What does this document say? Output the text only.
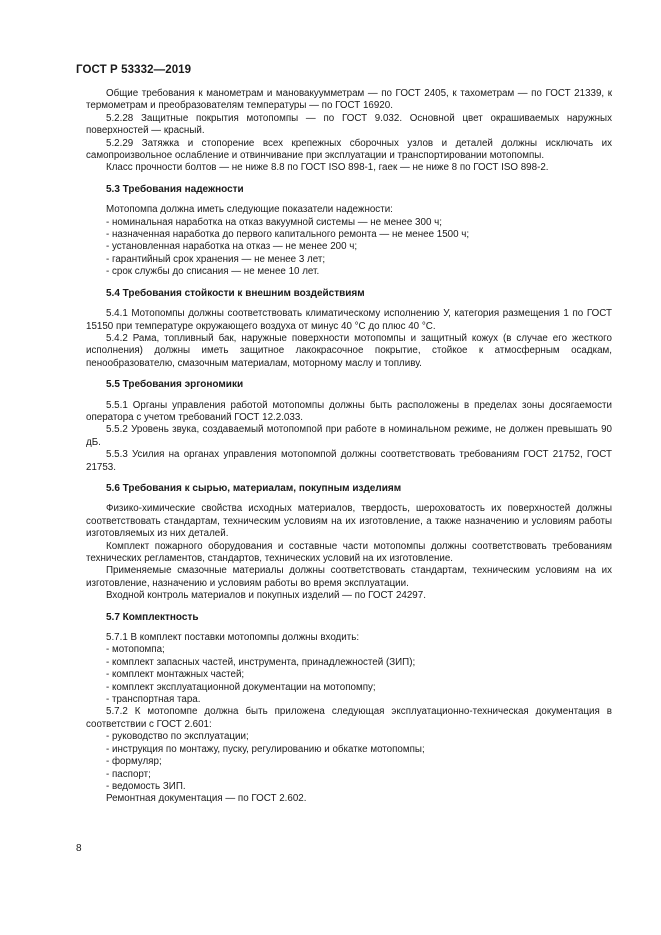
ГОСТ Р 53332—2019

Общие требования к манометрам и мановакуумметрам — по ГОСТ 2405, к тахометрам — по ГОСТ 21339, к термометрам и преобразователям температуры — по ГОСТ 16920.

5.2.28 Защитные покрытия мотопомпы — по ГОСТ 9.032. Основной цвет окрашиваемых наружных поверхностей — красный.

5.2.29 Затяжка и стопорение всех крепежных сборочных узлов и деталей должны исключать их самопроизвольное ослабление и отвинчивание при эксплуатации и транспортировании мотопомпы.

Класс прочности болтов — не ниже 8.8 по ГОСТ ISO 898-1, гаек — не ниже 8 по ГОСТ ISO 898-2.

5.3 Требования надежности

Мотопомпа должна иметь следующие показатели надежности:

- номинальная наработка на отказ вакуумной системы — не менее 300 ч;

- назначенная наработка до первого капитального ремонта — не менее 1500 ч;

- установленная наработка на отказ — не менее 200 ч;

- гарантийный срок хранения — не менее 3 лет;

- срок службы до списания — не менее 10 лет.

5.4 Требования стойкости к внешним воздействиям

5.4.1 Мотопомпы должны соответствовать климатическому исполнению У, категория размещения 1 по ГОСТ 15150 при температуре окружающего воздуха от минус 40 °С до плюс 40 °С.

5.4.2 Рама, топливный бак, наружные поверхности мотопомпы и защитный кожух (в случае его жесткого исполнения) должны иметь защитное лакокрасочное покрытие, стойкое к атмосферным осадкам, пенообразователю, смазочным материалам, моторному маслу и топливу.

5.5 Требования эргономики

5.5.1 Органы управления работой мотопомпы должны быть расположены в пределах зоны досягаемости оператора с учетом требований ГОСТ 12.2.033.

5.5.2 Уровень звука, создаваемый мотопомпой при работе в номинальном режиме, не должен превышать 90 дБ.

5.5.3 Усилия на органах управления мотопомпой должны соответствовать требованиям ГОСТ 21752, ГОСТ 21753.

5.6 Требования к сырью, материалам, покупным изделиям

Физико-химические свойства исходных материалов, твердость, шероховатость их поверхностей должны соответствовать стандартам, техническим условиям на их изготовление, а также назначению и условиям работы изготовляемых из них деталей.

Комплект пожарного оборудования и составные части мотопомпы должны соответствовать требованиям технических регламентов, стандартов, технических условий на их изготовление.

Применяемые смазочные материалы должны соответствовать стандартам, техническим условиям на их изготовление, назначению и условиям работы во время эксплуатации.

Входной контроль материалов и покупных изделий — по ГОСТ 24297.

5.7 Комплектность

5.7.1 В комплект поставки мотопомпы должны входить:

- мотопомпа;

- комплект запасных частей, инструмента, принадлежностей (ЗИП);

- комплект монтажных частей;

- комплект эксплуатационной документации на мотопомпу;

- транспортная тара.

5.7.2 К мотопомпе должна быть приложена следующая эксплуатационно-техническая документация в соответствии с ГОСТ 2.601:

- руководство по эксплуатации;

- инструкция по монтажу, пуску, регулированию и обкатке мотопомпы;

- формуляр;

- паспорт;

- ведомость ЗИП.

Ремонтная документация — по ГОСТ 2.602.

8
